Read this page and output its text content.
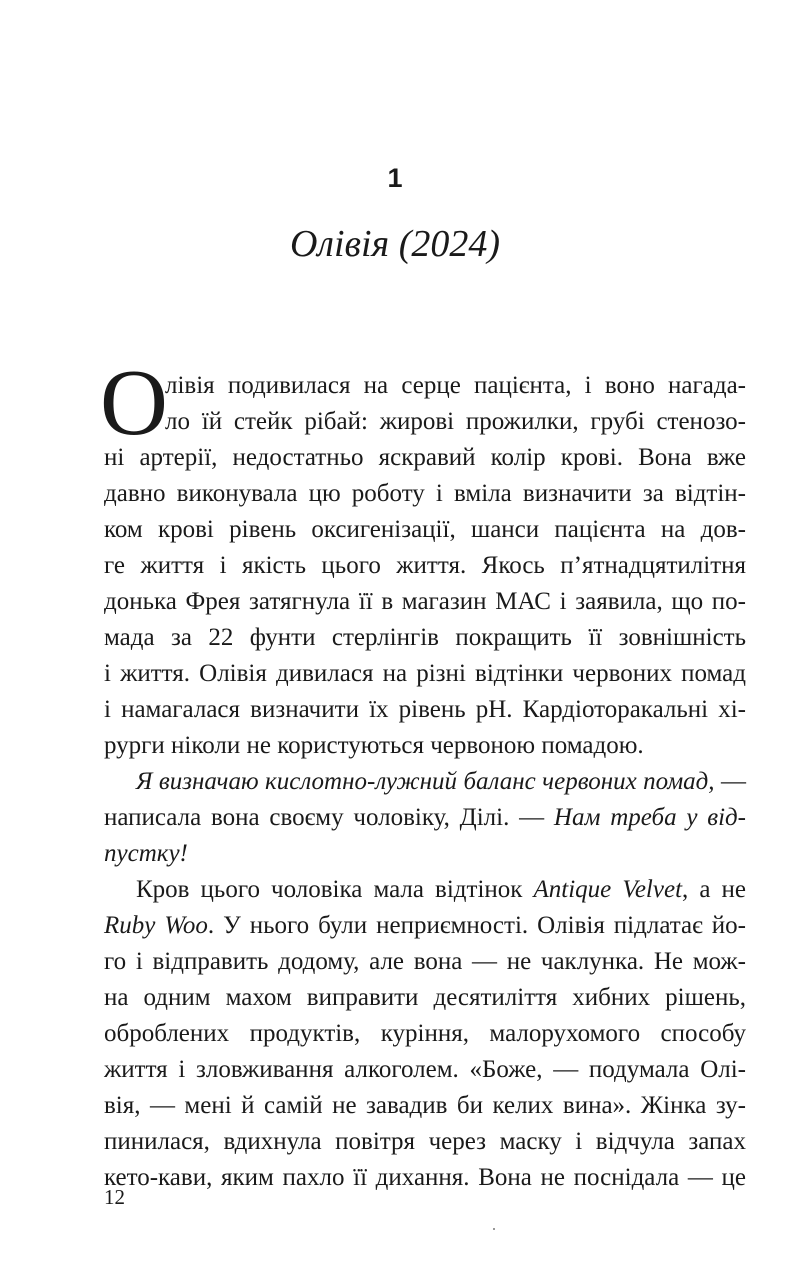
1
Олівія (2024)
О
лівія подивилася на серце пацієнта, і воно нагада-
ло їй стейк рібай: жирові прожилки, грубі стенозо-
ні артерії, недостатньо яскравий колір крові. Вона вже
давно виконувала цю роботу і вміла визначити за відтін-
ком крові рівень оксигенізації, шанси пацієнта на дов-
ге життя і якість цього життя. Якось п’ятнадцятилітня
донька Фрея затягнула її в магазин МАС і заявила, що по-
мада за 22 фунти стерлінгів покращить її зовнішність
і життя. Олівія дивилася на різні відтінки червоних помад
і намагалася визначити їх рівень pH. Кардіоторакальні хі-
рурги ніколи не користуються червоною помадою.
Я визначаю кислотно-лужний баланс червоних помад, —
написала вона своєму чоловіку, Ділі. — Нам треба у від-
пустку!
Кров цього чоловіка мала відтінок Antique Velvet, а не
Ruby Woo. У нього були неприємності. Олівія підлатає йо-
го і відправить додому, але вона — не чаклунка. Не мож-
на одним махом виправити десятиліття хибних рішень,
оброблених продуктів, куріння, малорухомого способу
життя і зловживання алкоголем. «Боже, — подумала Олі-
вія, — мені й самій не завадив би келих вина». Жінка зу-
пинилася, вдихнула повітря через маску і відчула запах
кето-кави, яким пахло її дихання. Вона не поснідала — це
12
